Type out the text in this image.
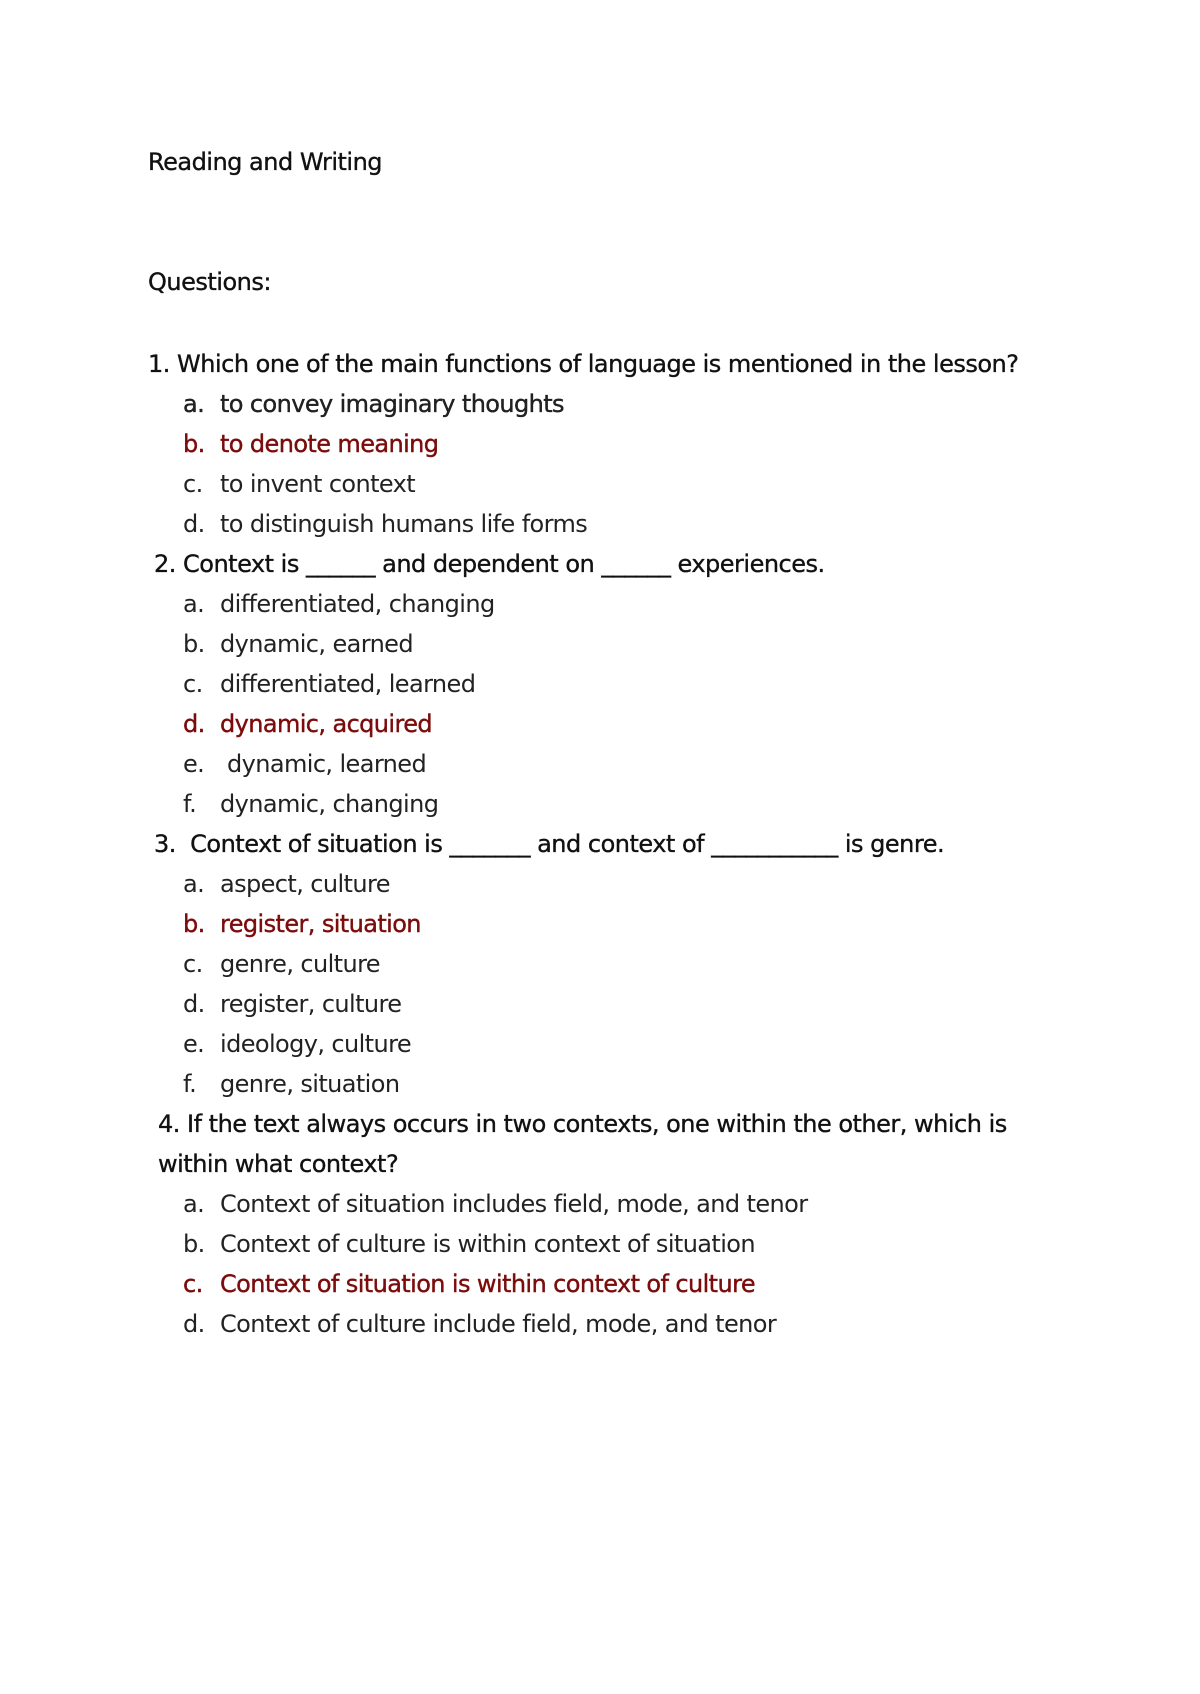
Reading and Writing
Questions:

1. Which one of the main functions of language is mentioned in the lesson?

a. to convey imaginary thoughts
b. to denote meaning
c. to invent context
d. to distinguish humans life forms

2. Context is ______ and dependent on ______ experiences.

a. differentiated, changing
b. dynamic, earned
c. differentiated, learned
d. dynamic, acquired
e. dynamic, learned
f. dynamic, changing

3.  Context of situation is _______ and context of ___________ is genre.

a. aspect, culture
b. register, situation
c. genre, culture
d. register, culture
e. ideology, culture
f. genre, situation

4. If the text always occurs in two contexts, one within the other, which is

within what context?

a. Context of situation includes field, mode, and tenor
b. Context of culture is within context of situation
c. Context of situation is within context of culture
d. Context of culture include field, mode, and tenor
